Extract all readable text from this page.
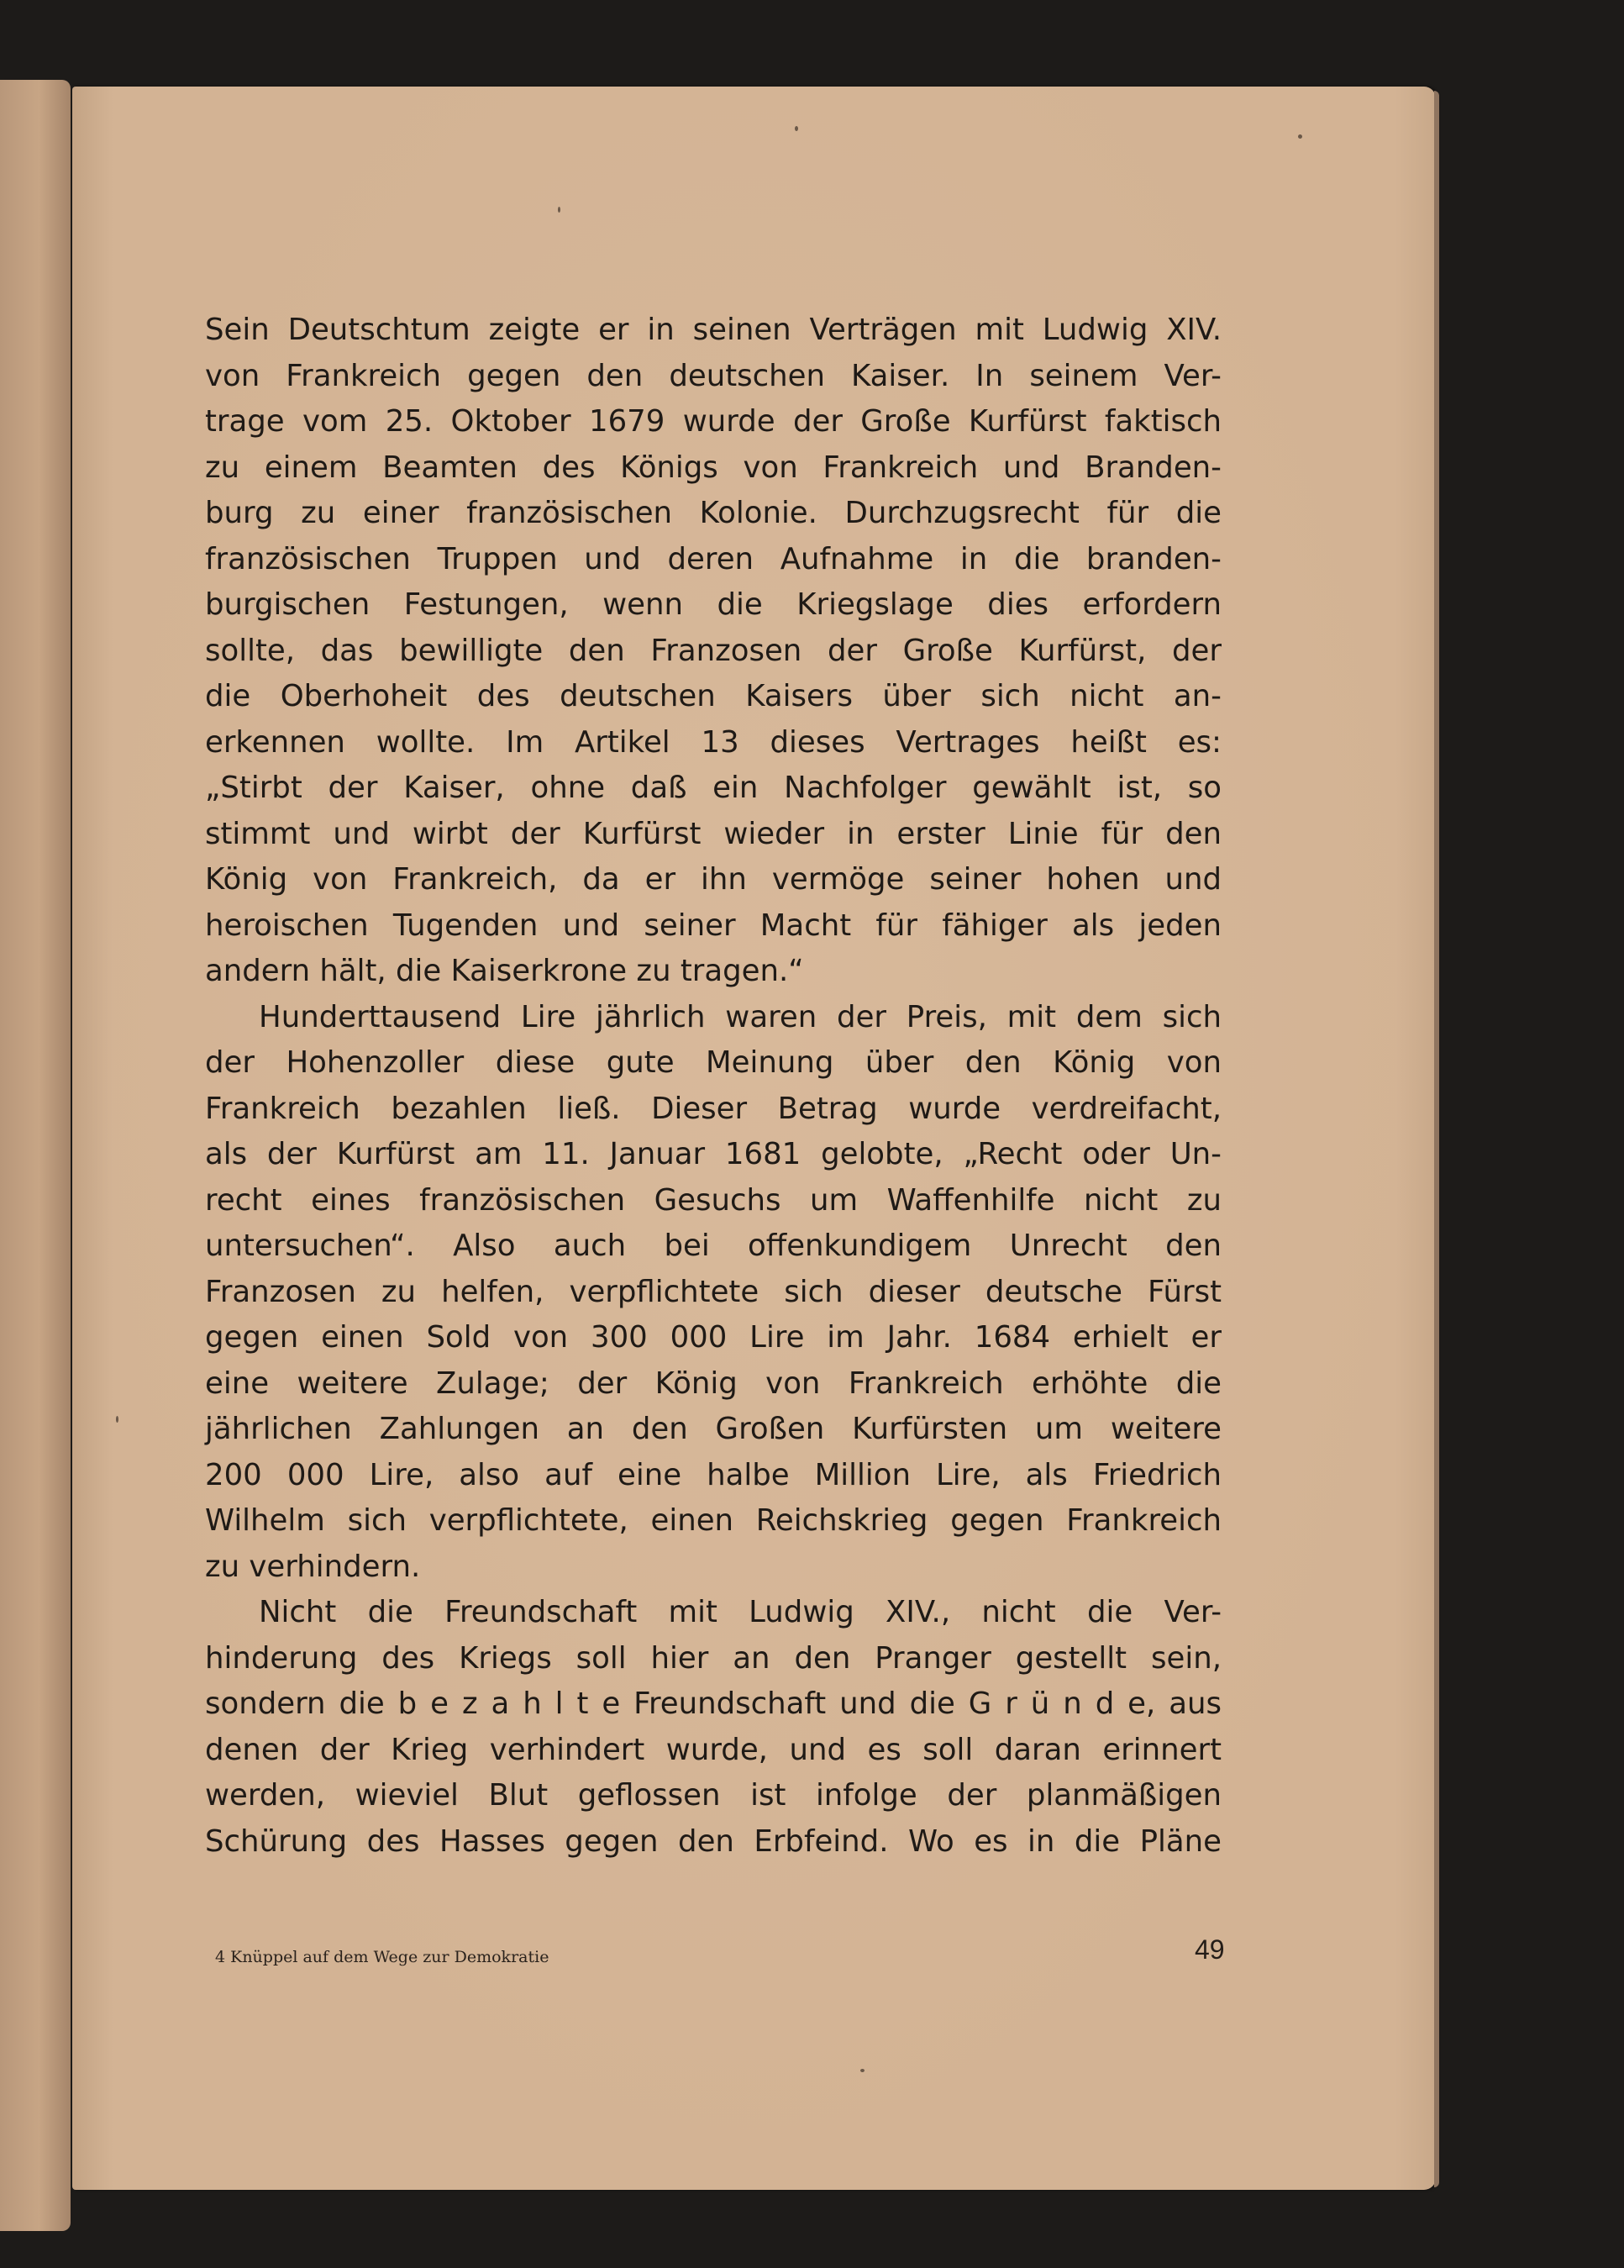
Sein Deutschtum zeigte er in seinen Verträgen mit Ludwig XIV.
von Frankreich gegen den deutschen Kaiser. In seinem Ver-
trage vom 25. Oktober 1679 wurde der Große Kurfürst faktisch
zu einem Beamten des Königs von Frankreich und Branden-
burg zu einer französischen Kolonie. Durchzugsrecht für die
französischen Truppen und deren Aufnahme in die branden-
burgischen Festungen, wenn die Kriegslage dies erfordern
sollte, das bewilligte den Franzosen der Große Kurfürst, der
die Oberhoheit des deutschen Kaisers über sich nicht an-
erkennen wollte. Im Artikel 13 dieses Vertrages heißt es:
„Stirbt der Kaiser, ohne daß ein Nachfolger gewählt ist, so
stimmt und wirbt der Kurfürst wieder in erster Linie für den
König von Frankreich, da er ihn vermöge seiner hohen und
heroischen Tugenden und seiner Macht für fähiger als jeden
andern hält, die Kaiserkrone zu tragen.“
Hunderttausend Lire jährlich waren der Preis, mit dem sich
der Hohenzoller diese gute Meinung über den König von
Frankreich bezahlen ließ. Dieser Betrag wurde verdreifacht,
als der Kurfürst am 11. Januar 1681 gelobte, „Recht oder Un-
recht eines französischen Gesuchs um Waffenhilfe nicht zu
untersuchen“. Also auch bei offenkundigem Unrecht den
Franzosen zu helfen, verpflichtete sich dieser deutsche Fürst
gegen einen Sold von 300 000 Lire im Jahr. 1684 erhielt er
eine weitere Zulage; der König von Frankreich erhöhte die
jährlichen Zahlungen an den Großen Kurfürsten um weitere
200 000 Lire, also auf eine halbe Million Lire, als Friedrich
Wilhelm sich verpflichtete, einen Reichskrieg gegen Frankreich
zu verhindern.
Nicht die Freundschaft mit Ludwig XIV., nicht die Ver-
hinderung des Kriegs soll hier an den Pranger gestellt sein,
sondern die b e z a h l t e Freundschaft und die G r ü n d e, aus
denen der Krieg verhindert wurde, und es soll daran erinnert
werden, wieviel Blut geflossen ist infolge der planmäßigen
Schürung des Hasses gegen den Erbfeind. Wo es in die Pläne
4 Knüppel auf dem Wege zur Demokratie	49
